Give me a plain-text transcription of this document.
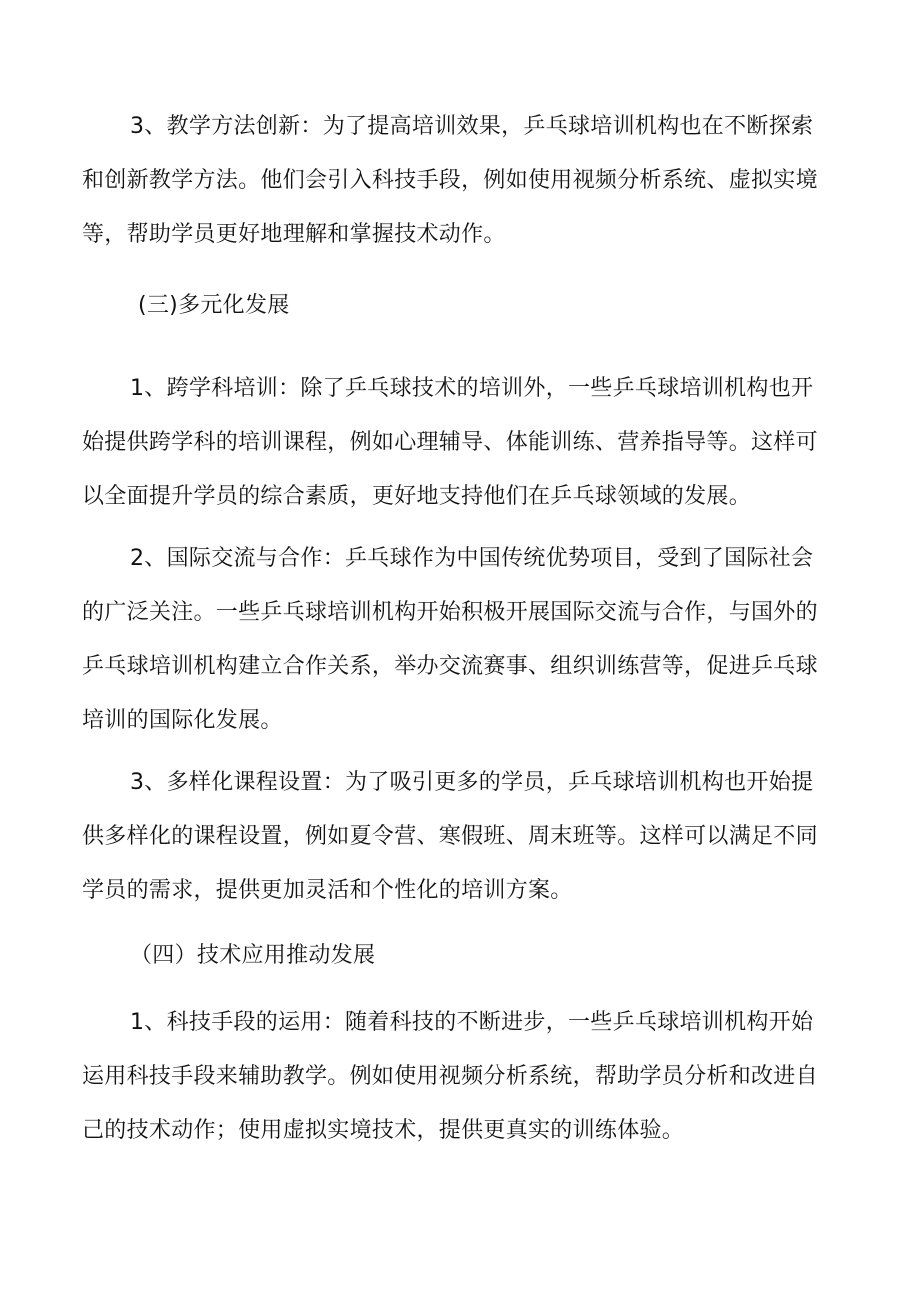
3、教学方法创新：为了提高培训效果，乒乓球培训机构也在不断探索和创新教学方法。他们会引入科技手段，例如使用视频分析系统、虚拟实境等，帮助学员更好地理解和掌握技术动作。

(三)多元化发展

1、跨学科培训：除了乒乓球技术的培训外，一些乒乓球培训机构也开始提供跨学科的培训课程，例如心理辅导、体能训练、营养指导等。这样可以全面提升学员的综合素质，更好地支持他们在乒乓球领域的发展。

2、国际交流与合作：乒乓球作为中国传统优势项目，受到了国际社会的广泛关注。一些乒乓球培训机构开始积极开展国际交流与合作，与国外的乒乓球培训机构建立合作关系，举办交流赛事、组织训练营等，促进乒乓球培训的国际化发展。

3、多样化课程设置：为了吸引更多的学员，乒乓球培训机构也开始提供多样化的课程设置，例如夏令营、寒假班、周末班等。这样可以满足不同学员的需求，提供更加灵活和个性化的培训方案。

（四）技术应用推动发展

1、科技手段的运用：随着科技的不断进步，一些乒乓球培训机构开始运用科技手段来辅助教学。例如使用视频分析系统，帮助学员分析和改进自己的技术动作；使用虚拟实境技术，提供更真实的训练体验。
